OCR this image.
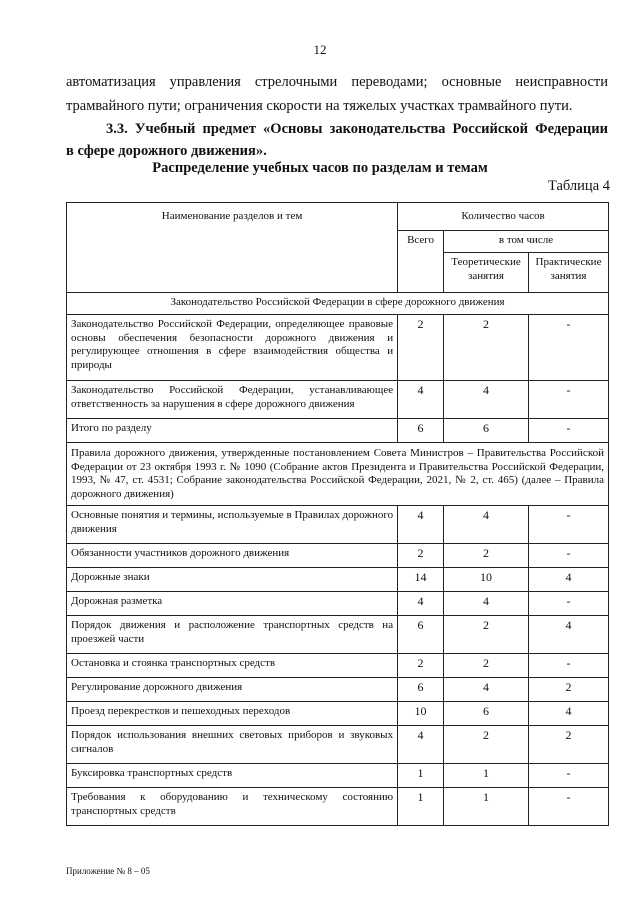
12
автоматизация управления стрелочными переводами; основные неисправности
трамвайного пути; ограничения скорости на тяжелых участках трамвайного пути.
3.3. Учебный предмет «Основы законодательства Российской Федерации
в сфере дорожного движения».
Распределение учебных часов по разделам и темам
Таблица 4
Наименование разделов и тем	Количество часов		
	Всего	в том числе	
		Теоретические занятия	Практические занятия
Законодательство Российской Федерации в сфере дорожного движения			
Законодательство Российской Федерации, определяющее правовые основы обеспечения безопасности дорожного движения и регулирующее отношения в сфере взаимодействия общества и природы	2	2	-
Законодательство Российской Федерации, устанавливающее ответственность за нарушения в сфере дорожного движения	4	4	-
Итого по разделу	6	6	-
Правила дорожного движения, утвержденные постановлением Совета Министров – Правительства Российской Федерации от 23 октября 1993 г. № 1090 (Собрание актов Президента и Правительства Российской Федерации, 1993, № 47, ст. 4531; Собрание законодательства Российской Федерации, 2021, № 2, ст. 465) (далее – Правила дорожного движения)			
Основные понятия и термины, используемые в Правилах дорожного движения	4	4	-
Обязанности участников дорожного движения	2	2	-
Дорожные знаки	14	10	4
Дорожная разметка	4	4	-
Порядок движения и расположение транспортных средств на проезжей части	6	2	4
Остановка и стоянка транспортных средств	2	2	-
Регулирование дорожного движения	6	4	2
Проезд перекрестков и пешеходных переходов	10	6	4
Порядок использования внешних световых приборов и звуковых сигналов	4	2	2
Буксировка транспортных средств	1	1	-
Требования к оборудованию и техническому состоянию транспортных средств	1	1	-
Приложение № 8 – 05
